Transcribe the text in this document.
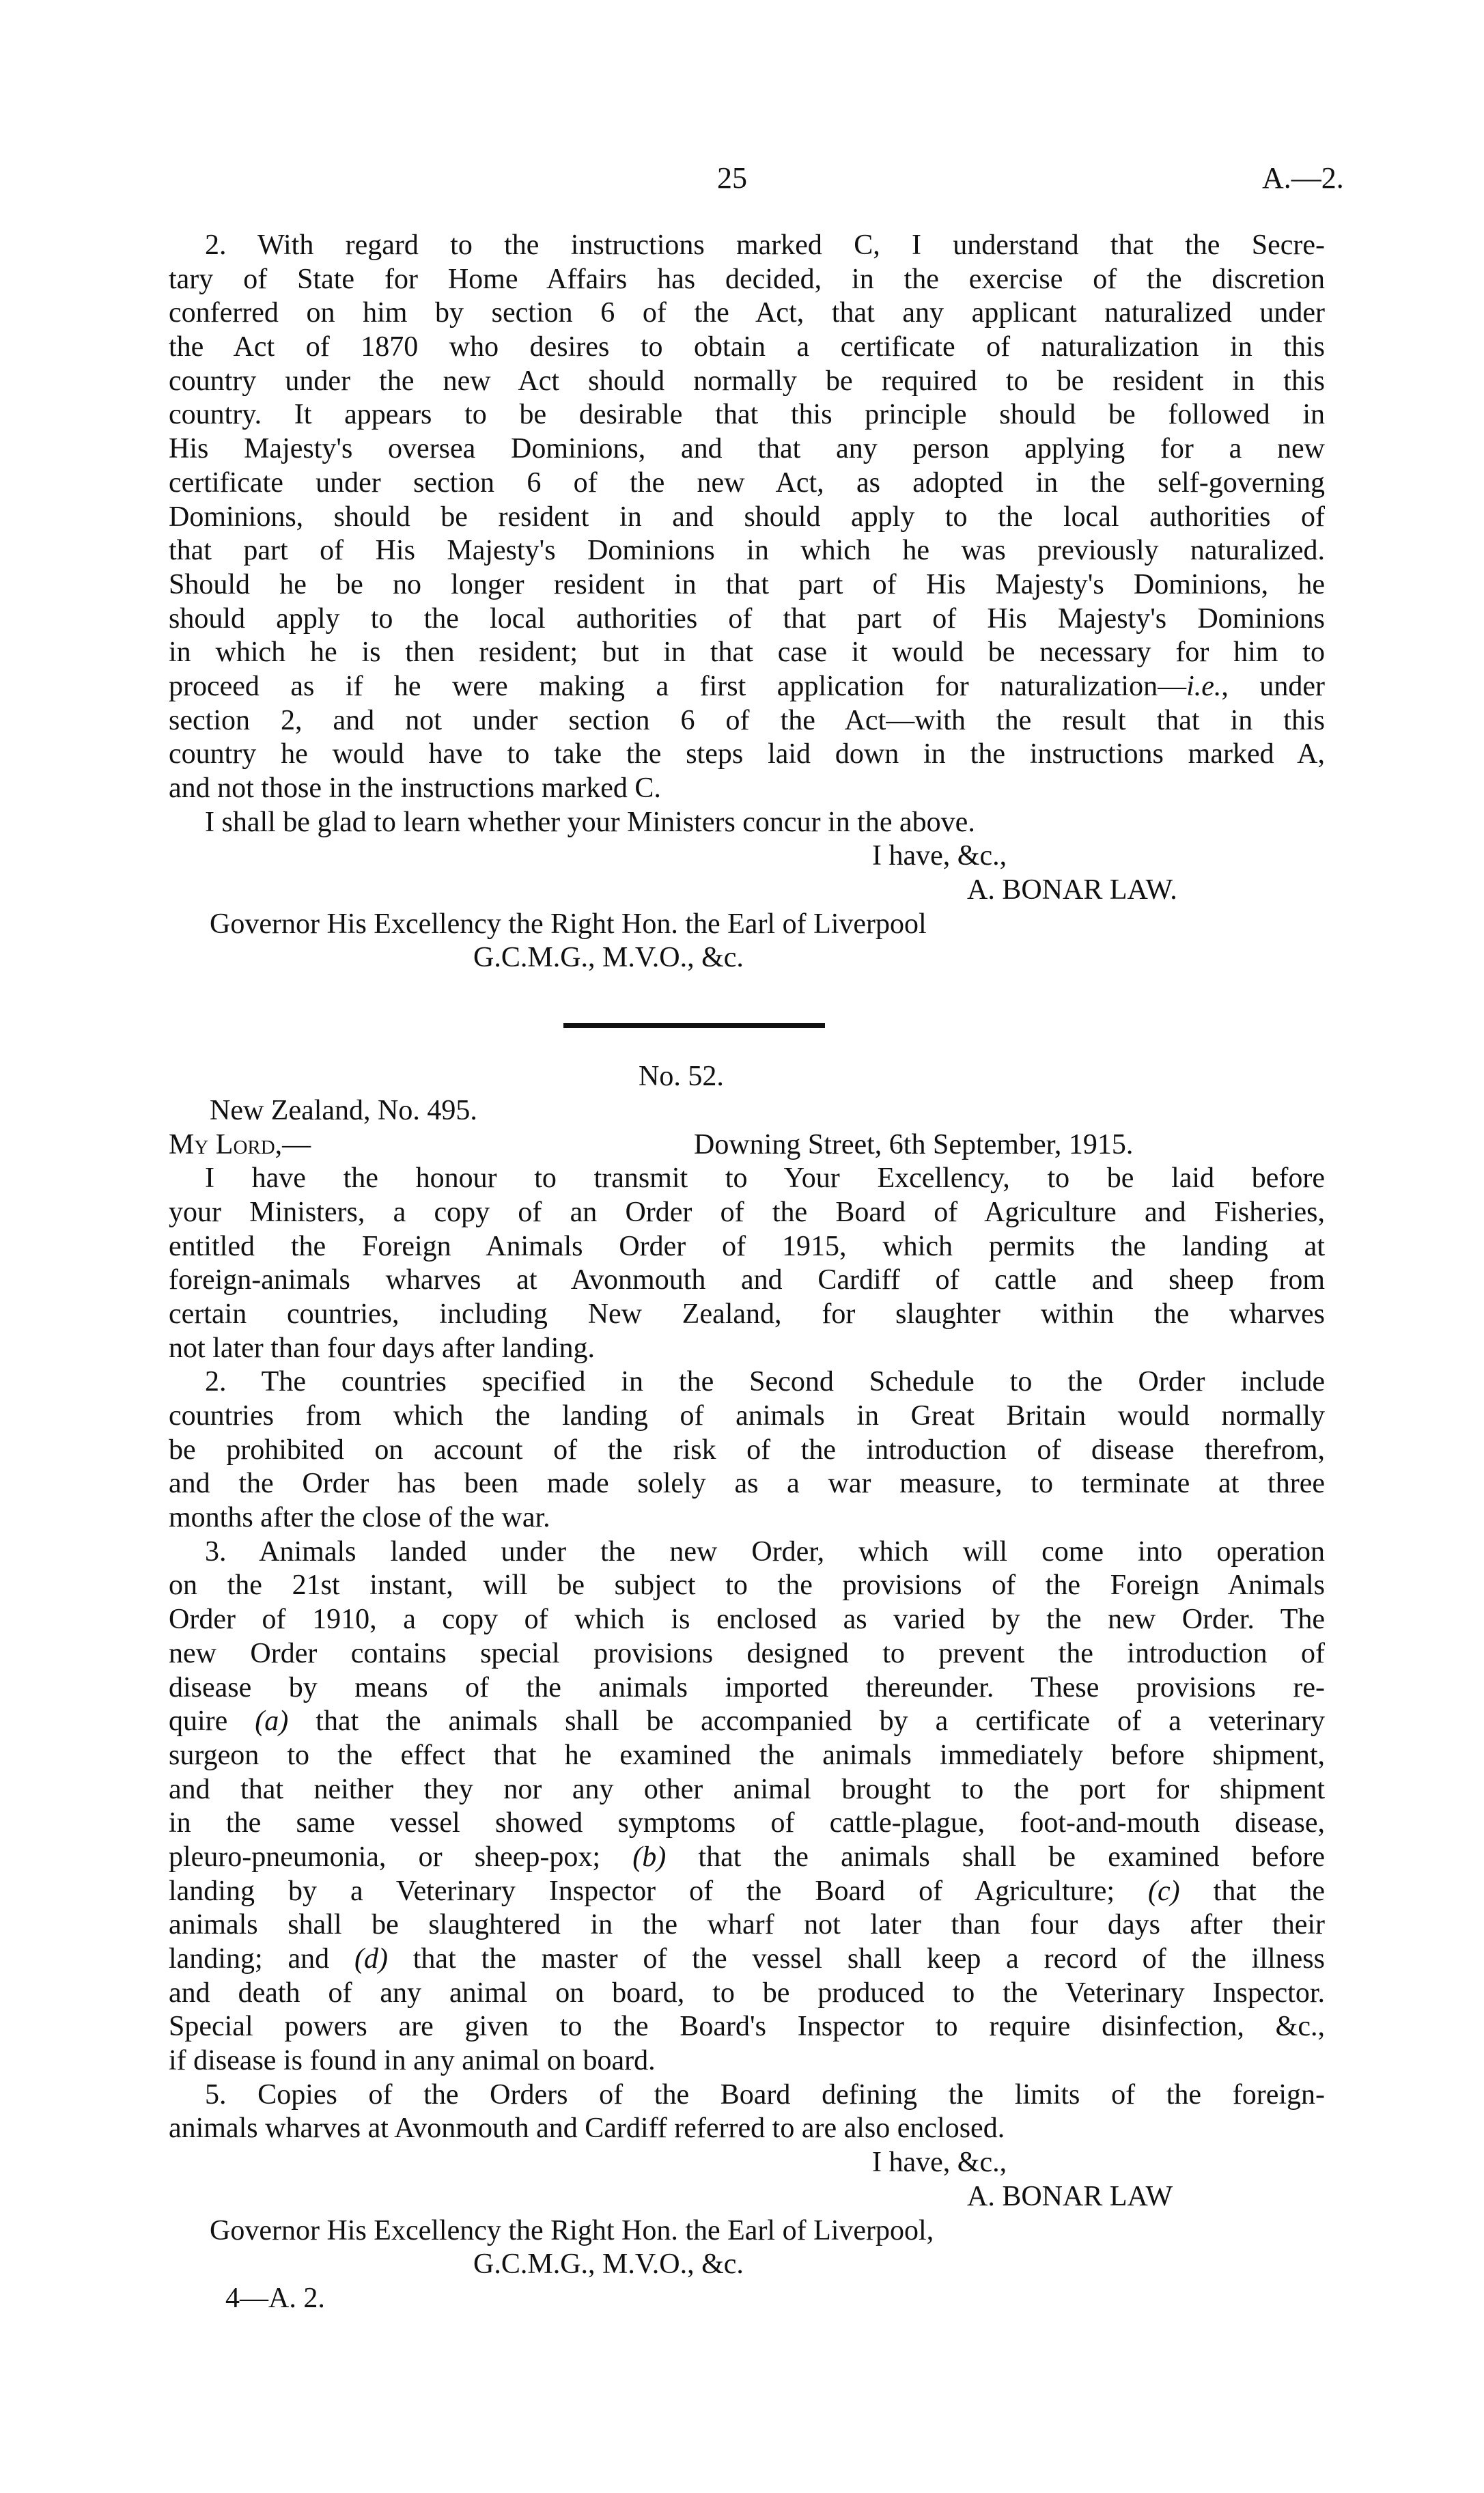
25	A.—2.
2. With regard to the instructions marked C, I understand that the Secre-
tary of State for Home Affairs has decided, in the exercise of the discretion
conferred on him by section 6 of the Act, that any applicant naturalized under
the Act of 1870 who desires to obtain a certificate of naturalization in this
country under the new Act should normally be required to be resident in this
country. It appears to be desirable that this principle should be followed in
His Majesty's oversea Dominions, and that any person applying for a new
certificate under section 6 of the new Act, as adopted in the self-governing
Dominions, should be resident in and should apply to the local authorities of
that part of His Majesty's Dominions in which he was previously naturalized.
Should he be no longer resident in that part of His Majesty's Dominions, he
should apply to the local authorities of that part of His Majesty's Dominions
in which he is then resident; but in that case it would be necessary for him to
proceed as if he were making a first application for naturalization—i.e., under
section 2, and not under section 6 of the Act—with the result that in this
country he would have to take the steps laid down in the instructions marked A,
and not those in the instructions marked C.
I shall be glad to learn whether your Ministers concur in the above.
I have, &c.,
A. BONAR LAW.
Governor His Excellency the Right Hon. the Earl of Liverpool
G.C.M.G., M.V.O., &c.
No. 52.
New Zealand, No. 495.
My Lord,—	Downing Street, 6th September, 1915.
I have the honour to transmit to Your Excellency, to be laid before
your Ministers, a copy of an Order of the Board of Agriculture and Fisheries,
entitled the Foreign Animals Order of 1915, which permits the landing at
foreign-animals wharves at Avonmouth and Cardiff of cattle and sheep from
certain countries, including New Zealand, for slaughter within the wharves
not later than four days after landing.
2. The countries specified in the Second Schedule to the Order include
countries from which the landing of animals in Great Britain would normally
be prohibited on account of the risk of the introduction of disease therefrom,
and the Order has been made solely as a war measure, to terminate at three
months after the close of the war.
3. Animals landed under the new Order, which will come into operation
on the 21st instant, will be subject to the provisions of the Foreign Animals
Order of 1910, a copy of which is enclosed as varied by the new Order. The
new Order contains special provisions designed to prevent the introduction of
disease by means of the animals imported thereunder. These provisions re-
quire (a) that the animals shall be accompanied by a certificate of a veterinary
surgeon to the effect that he examined the animals immediately before shipment,
and that neither they nor any other animal brought to the port for shipment
in the same vessel showed symptoms of cattle-plague, foot-and-mouth disease,
pleuro-pneumonia, or sheep-pox; (b) that the animals shall be examined before
landing by a Veterinary Inspector of the Board of Agriculture; (c) that the
animals shall be slaughtered in the wharf not later than four days after their
landing; and (d) that the master of the vessel shall keep a record of the illness
and death of any animal on board, to be produced to the Veterinary Inspector.
Special powers are given to the Board's Inspector to require disinfection, &c.,
if disease is found in any animal on board.
5. Copies of the Orders of the Board defining the limits of the foreign-
animals wharves at Avonmouth and Cardiff referred to are also enclosed.
I have, &c.,
A. BONAR LAW
Governor His Excellency the Right Hon. the Earl of Liverpool,
G.C.M.G., M.V.O., &c.
4—A. 2.
